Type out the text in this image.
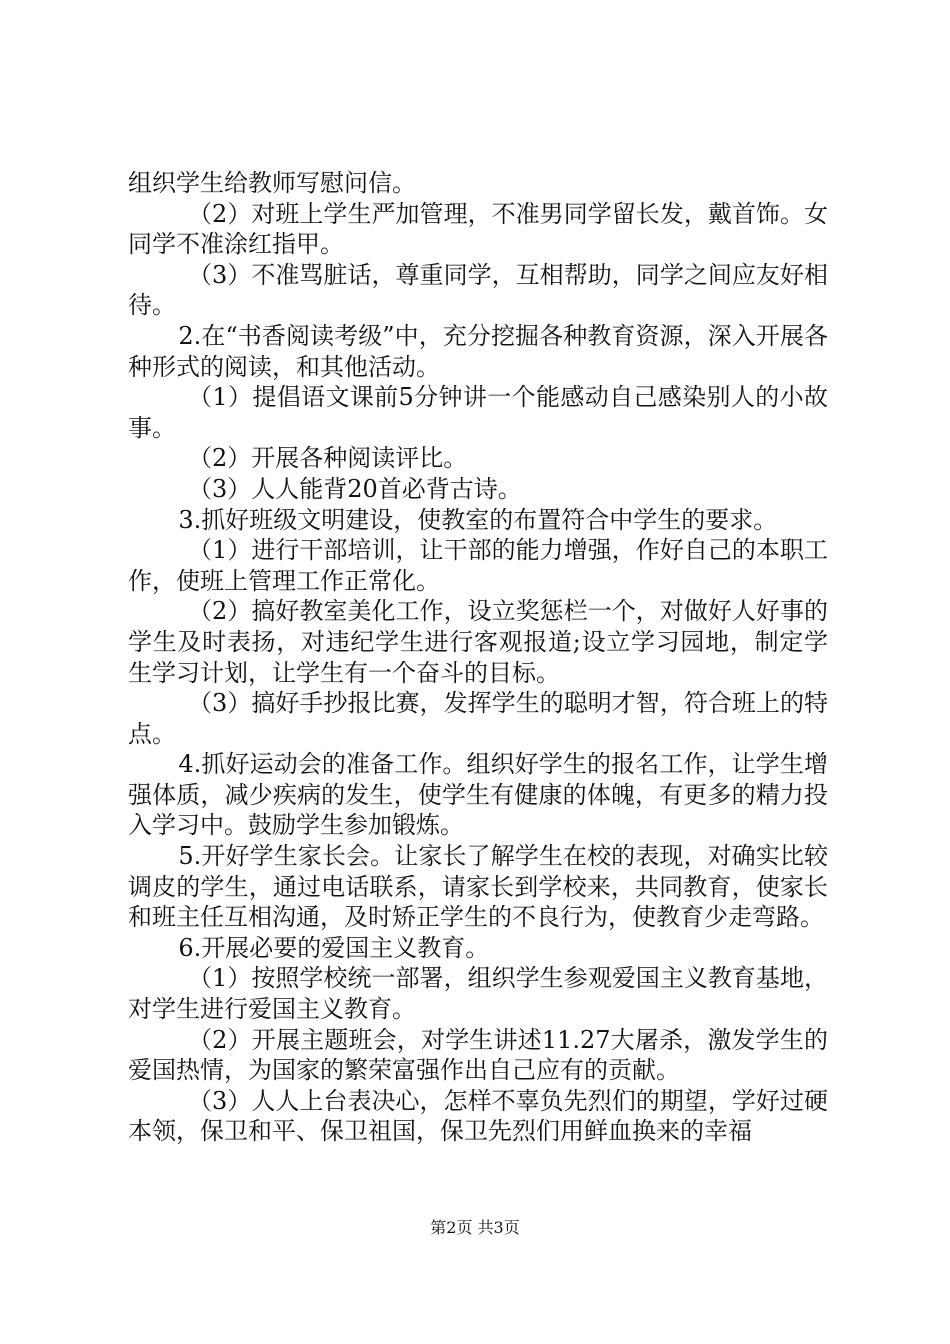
组织学生给教师写慰问信。

（2）对班上学生严加管理，不准男同学留长发，戴首饰。女同学不准涂红指甲。

（3）不准骂脏话，尊重同学，互相帮助，同学之间应友好相待。

2.在“书香阅读考级”中，充分挖掘各种教育资源，深入开展各种形式的阅读，和其他活动。

（1）提倡语文课前5分钟讲一个能感动自己感染别人的小故事。

（2）开展各种阅读评比。

（3）人人能背20首必背古诗。

3.抓好班级文明建设，使教室的布置符合中学生的要求。

（1）进行干部培训，让干部的能力增强，作好自己的本职工作，使班上管理工作正常化。

（2）搞好教室美化工作，设立奖惩栏一个，对做好人好事的学生及时表扬，对违纪学生进行客观报道;设立学习园地，制定学生学习计划，让学生有一个奋斗的目标。

（3）搞好手抄报比赛，发挥学生的聪明才智，符合班上的特点。

4.抓好运动会的准备工作。组织好学生的报名工作，让学生增强体质，减少疾病的发生，使学生有健康的体魄，有更多的精力投入学习中。鼓励学生参加锻炼。

5.开好学生家长会。让家长了解学生在校的表现，对确实比较调皮的学生，通过电话联系，请家长到学校来，共同教育，使家长和班主任互相沟通，及时矫正学生的不良行为，使教育少走弯路。

6.开展必要的爱国主义教育。

（1）按照学校统一部署，组织学生参观爱国主义教育基地，对学生进行爱国主义教育。

（2）开展主题班会，对学生讲述11.27大屠杀，激发学生的爱国热情，为国家的繁荣富强作出自己应有的贡献。

（3）人人上台表决心，怎样不辜负先烈们的期望，学好过硬本领，保卫和平、保卫祖国，保卫先烈们用鲜血换来的幸福

第2页 共3页
